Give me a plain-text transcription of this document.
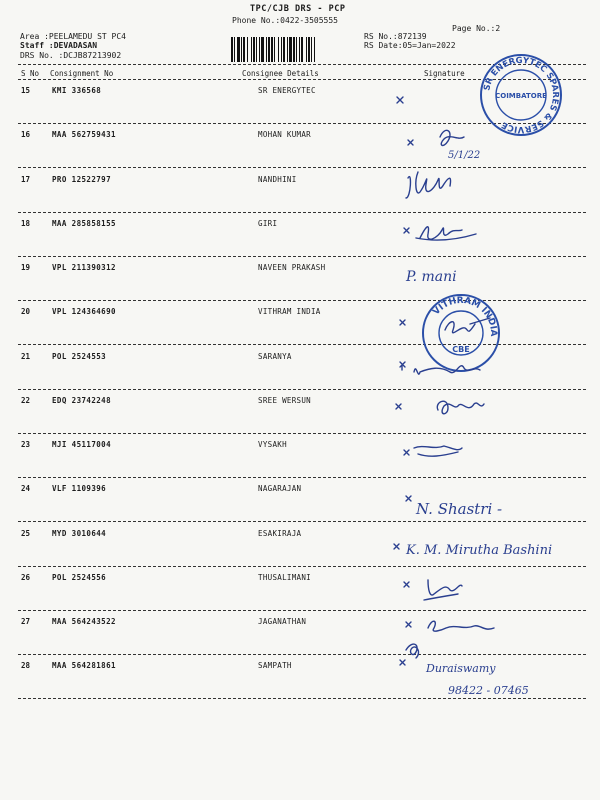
TPC/CJB DRS - PCP
Phone No.:0422-3505555
Page No.:2
Area :PEELAMEDU ST PC4
Staff :DEVADASAN
DRS No. :DCJB87213902
RS No.:872139
RS Date:05=Jan=2022
S No Consignment No	Consignee Details	Signature
15	KMI 336568	SR ENERGYTEC
16	MAA 562759431	MOHAN KUMAR
17	PRO 12522797	NANDHINI
18	MAA 285858155	GIRI
19	VPL 211390312	NAVEEN PRAKASH
20	VPL 124364690	VITHRAM INDIA
21	POL 2524553	SARANYA
22	EDQ 23742248	SREE WERSUN
23	MJI 45117004	VYSAKH
24	VLF 1109396	NAGARAJAN
25	MYD 3010644	ESAKIRAJA
26	POL 2524556	THUSALIMANI
27	MAA 564243522	JAGANATHAN
28	MAA 564281861	SAMPATH
SR ENERGYTEC SPARES & SERVICE
COIMBATORE
VITHRAM INDIA
CBE
5/1/22
P. mani
N. Shastri -
K. M. Mirutha Bashini
Duraiswamy
98422 - 07465
